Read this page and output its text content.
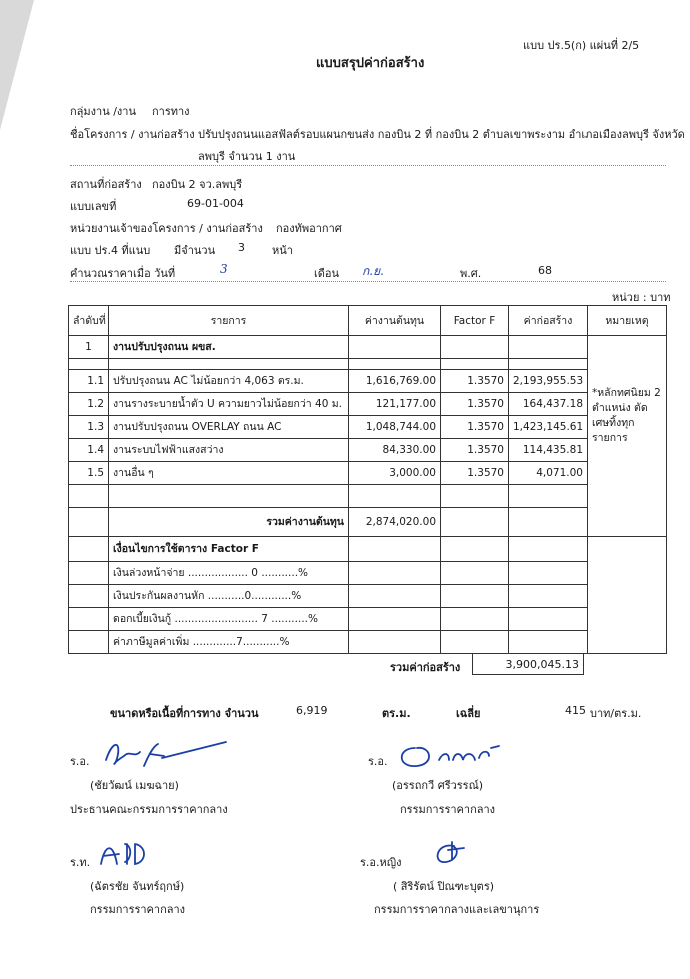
แบบ ปร.5(ก) แผ่นที่ 2/5
แบบสรุปค่าก่อสร้าง
กลุ่มงาน /งาน การทาง
ชื่อโครงการ / งานก่อสร้าง ปรับปรุงถนนแอสฟัลต์รอบแผนกขนส่ง กองบิน 2 ที่ กองบิน 2 ตำบลเขาพระงาม อำเภอเมืองลพบุรี จังหวัด
ลพบุรี จำนวน 1 งาน
สถานที่ก่อสร้าง กองบิน 2 จว.ลพบุรี
แบบเลขที่	69-01-004
หน่วยงานเจ้าของโครงการ / งานก่อสร้าง กองทัพอากาศ
แบบ ปร.4 ที่แนบ มีจำนวน 3 หน้า
คำนวณราคาเมื่อ วันที่	3	เดือน ก.ย.	พ.ศ.	68
หน่วย : บาท
ลำดับที่	รายการ	ค่างานต้นทุน	Factor F	ค่าก่อสร้าง	หมายเหตุ
1	งานปรับปรุงถนน ผขส.				*หลักทศนิยม 2 ตำแหน่ง ตัดเศษทิ้งทุกรายการ

1.1	ปรับปรุงถนน AC ไม่น้อยกว่า 4,063 ตร.ม.	1,616,769.00	1.3570	2,193,955.53	
1.2	งานรางระบายน้ำตัว U ความยาวไม่น้อยกว่า 40 ม.	121,177.00	1.3570	164,437.18	
1.3	งานปรับปรุงถนน OVERLAY ถนน AC	1,048,744.00	1.3570	1,423,145.61	
1.4	งานระบบไฟฟ้าแสงสว่าง	84,330.00	1.3570	114,435.81	
1.5	งานอื่น ๆ	3,000.00	1.3570	4,071.00	

	รวมค่างานต้นทุน	2,874,020.00			
	เงื่อนไขการใช้ตาราง Factor F				
	เงินล่วงหน้าจ่าย .................. 0 ...........%				
	เงินประกันผลงานหัก ...........0............%				
	ดอกเบี้ยเงินกู้ ......................... 7 ...........%				
	ค่าภาษีมูลค่าเพิ่ม .............7...........%				
รวมค่าก่อสร้าง	3,900,045.13
ขนาดหรือเนื้อที่การทาง จำนวน	6,919	ตร.ม.	เฉลี่ย	415 บาท/ตร.ม.
ร.อ.
(ชัยวัฒน์ เมฆฉาย)
ประธานคณะกรรมการราคากลาง
ร.อ.
(อรรถกวี ศรีวรรณ์)
กรรมการราคากลาง
ร.ท.
(ฉัตรชัย จันทร์ฤกษ์)
กรรมการราคากลาง
ร.อ.หญิง
( สิริรัตน์ ปิณฑะบุตร)
กรรมการราคากลางและเลขานุการ
